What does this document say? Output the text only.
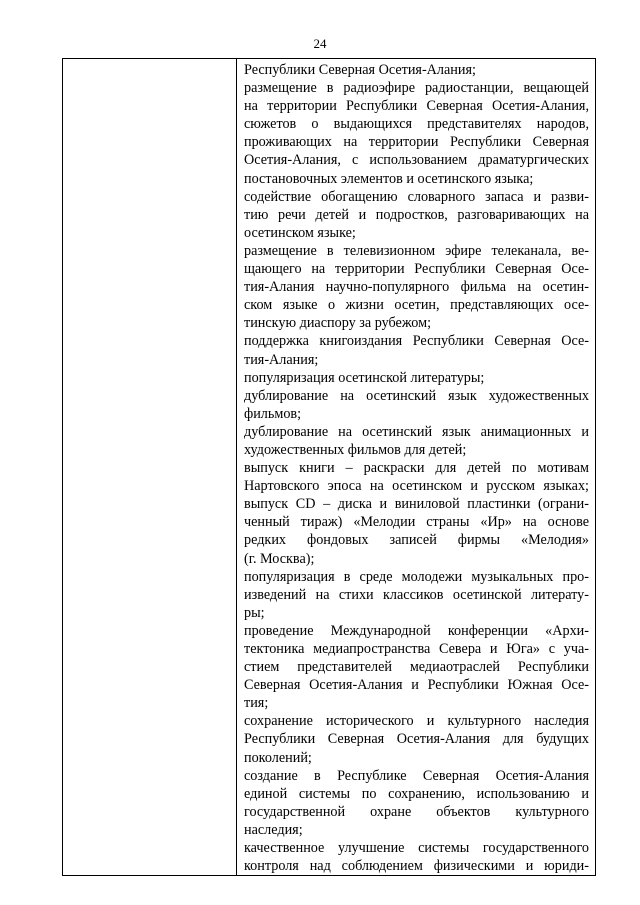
24

Республики Северная Осетия-Алания;
размещение в радиоэфире радиостанции, вещающей
на территории Республики Северная Осетия-Алания,
сюжетов о выдающихся представителях народов,
проживающих на территории Республики Северная
Осетия-Алания, с использованием драматургических
постановочных элементов и осетинского языка;
содействие обогащению словарного запаса и разви-
тию речи детей и подростков, разговаривающих на
осетинском языке;
размещение в телевизионном эфире телеканала, ве-
щающего на территории Республики Северная Осе-
тия-Алания научно-популярного фильма на осетин-
ском языке о жизни осетин, представляющих осе-
тинскую диаспору за рубежом;
поддержка книгоиздания Республики Северная Осе-
тия-Алания;
популяризация осетинской литературы;
дублирование на осетинский язык художественных
фильмов;
дублирование на осетинский язык анимационных и
художественных фильмов для детей;
выпуск книги – раскраски для детей по мотивам
Нартовского эпоса на осетинском и русском языках;
выпуск CD – диска и виниловой пластинки (ограни-
ченный тираж) «Мелодии страны «Ир» на основе
редких фондовых записей фирмы «Мелодия»
(г. Москва);
популяризация в среде молодежи музыкальных про-
изведений на стихи классиков осетинской литерату-
ры;
проведение Международной конференции «Архи-
тектоника медиапространства Севера и Юга» с уча-
стием представителей медиаотраслей Республики
Северная Осетия-Алания и Республики Южная Осе-
тия;
сохранение исторического и культурного наследия
Республики Северная Осетия-Алания для будущих
поколений;
создание в Республике Северная Осетия-Алания
единой системы по сохранению, использованию и
государственной охране объектов культурного
наследия;
качественное улучшение системы государственного
контроля над соблюдением физическими и юриди-
